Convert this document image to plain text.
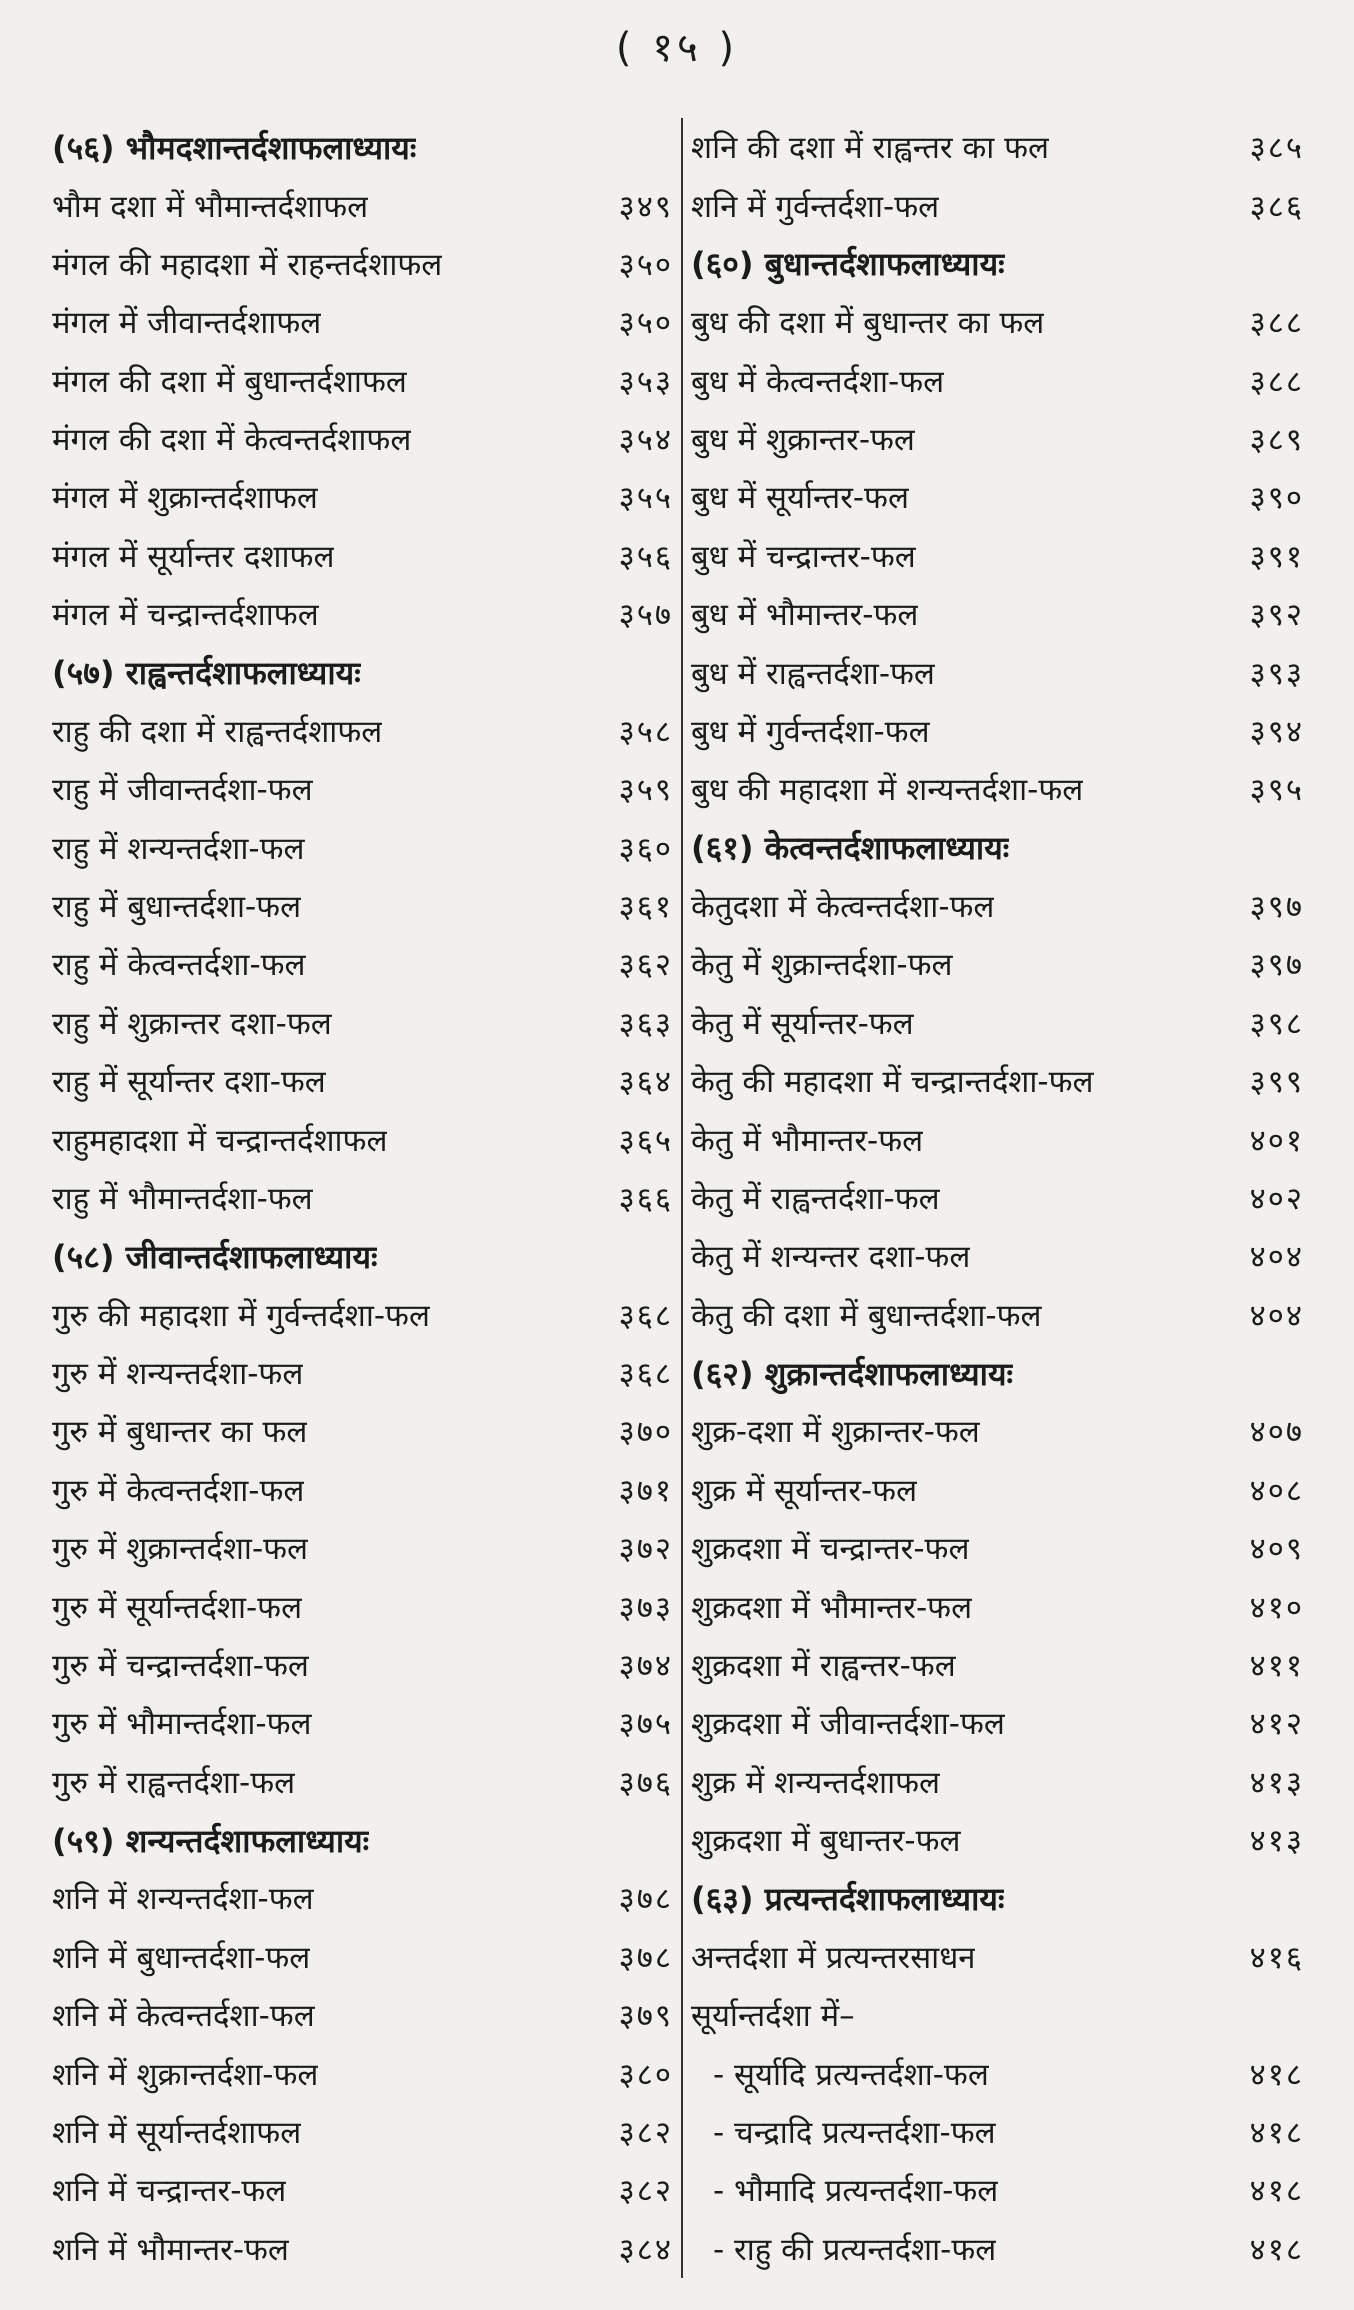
( १५ )
(५६) भौमदशान्तर्दशाफलाध्यायः
भौम दशा में भौमान्तर्दशाफल	३४९
मंगल की महादशा में राहन्तर्दशाफल	३५०
मंगल में जीवान्तर्दशाफल	३५०
मंगल की दशा में बुधान्तर्दशाफल	३५३
मंगल की दशा में केत्वन्तर्दशाफल	३५४
मंगल में शुक्रान्तर्दशाफल	३५५
मंगल में सूर्यान्तर दशाफल	३५६
मंगल में चन्द्रान्तर्दशाफल	३५७
(५७) राह्वन्तर्दशाफलाध्यायः
राहु की दशा में राह्वन्तर्दशाफल	३५८
राहु में जीवान्तर्दशा-फल	३५९
राहु में शन्यन्तर्दशा-फल	३६०
राहु में बुधान्तर्दशा-फल	३६१
राहु में केत्वन्तर्दशा-फल	३६२
राहु में शुक्रान्तर दशा-फल	३६३
राहु में सूर्यान्तर दशा-फल	३६४
राहुमहादशा में चन्द्रान्तर्दशाफल	३६५
राहु में भौमान्तर्दशा-फल	३६६
(५८) जीवान्तर्दशाफलाध्यायः
गुरु की महादशा में गुर्वन्तर्दशा-फल	३६८
गुरु में शन्यन्तर्दशा-फल	३६८
गुरु में बुधान्तर का फल	३७०
गुरु में केत्वन्तर्दशा-फल	३७१
गुरु में शुक्रान्तर्दशा-फल	३७२
गुरु में सूर्यान्तर्दशा-फल	३७३
गुरु में चन्द्रान्तर्दशा-फल	३७४
गुरु में भौमान्तर्दशा-फल	३७५
गुरु में राह्वन्तर्दशा-फल	३७६
(५९) शन्यन्तर्दशाफलाध्यायः
शनि में शन्यन्तर्दशा-फल	३७८
शनि में बुधान्तर्दशा-फल	३७८
शनि में केत्वन्तर्दशा-फल	३७९
शनि में शुक्रान्तर्दशा-फल	३८०
शनि में सूर्यान्तर्दशाफल	३८२
शनि में चन्द्रान्तर-फल	३८२
शनि में भौमान्तर-फल	३८४
शनि की दशा में राह्वन्तर का फल	३८५
शनि में गुर्वन्तर्दशा-फल	३८६
(६०) बुधान्तर्दशाफलाध्यायः
बुध की दशा में बुधान्तर का फल	३८८
बुध में केत्वन्तर्दशा-फल	३८८
बुध में शुक्रान्तर-फल	३८९
बुध में सूर्यान्तर-फल	३९०
बुध में चन्द्रान्तर-फल	३९१
बुध में भौमान्तर-फल	३९२
बुध में राह्वन्तर्दशा-फल	३९३
बुध में गुर्वन्तर्दशा-फल	३९४
बुध की महादशा में शन्यन्तर्दशा-फल	३९५
(६१) केत्वन्तर्दशाफलाध्यायः
केतुदशा में केत्वन्तर्दशा-फल	३९७
केतु में शुक्रान्तर्दशा-फल	३९७
केतु में सूर्यान्तर-फल	३९८
केतु की महादशा में चन्द्रान्तर्दशा-फल	३९९
केतु में भौमान्तर-फल	४०१
केतु में राह्वन्तर्दशा-फल	४०२
केतु में शन्यन्तर दशा-फल	४०४
केतु की दशा में बुधान्तर्दशा-फल	४०४
(६२) शुक्रान्तर्दशाफलाध्यायः
शुक्र-दशा में शुक्रान्तर-फल	४०७
शुक्र में सूर्यान्तर-फल	४०८
शुक्रदशा में चन्द्रान्तर-फल	४०९
शुक्रदशा में भौमान्तर-फल	४१०
शुक्रदशा में राह्वन्तर-फल	४११
शुक्रदशा में जीवान्तर्दशा-फल	४१२
शुक्र में शन्यन्तर्दशाफल	४१३
शुक्रदशा में बुधान्तर-फल	४१३
(६३) प्रत्यन्तर्दशाफलाध्यायः
अन्तर्दशा में प्रत्यन्तरसाधन	४१६
सूर्यान्तर्दशा में–
- सूर्यादि प्रत्यन्तर्दशा-फल	४१८
- चन्द्रादि प्रत्यन्तर्दशा-फल	४१८
- भौमादि प्रत्यन्तर्दशा-फल	४१८
- राहु की प्रत्यन्तर्दशा-फल	४१८
